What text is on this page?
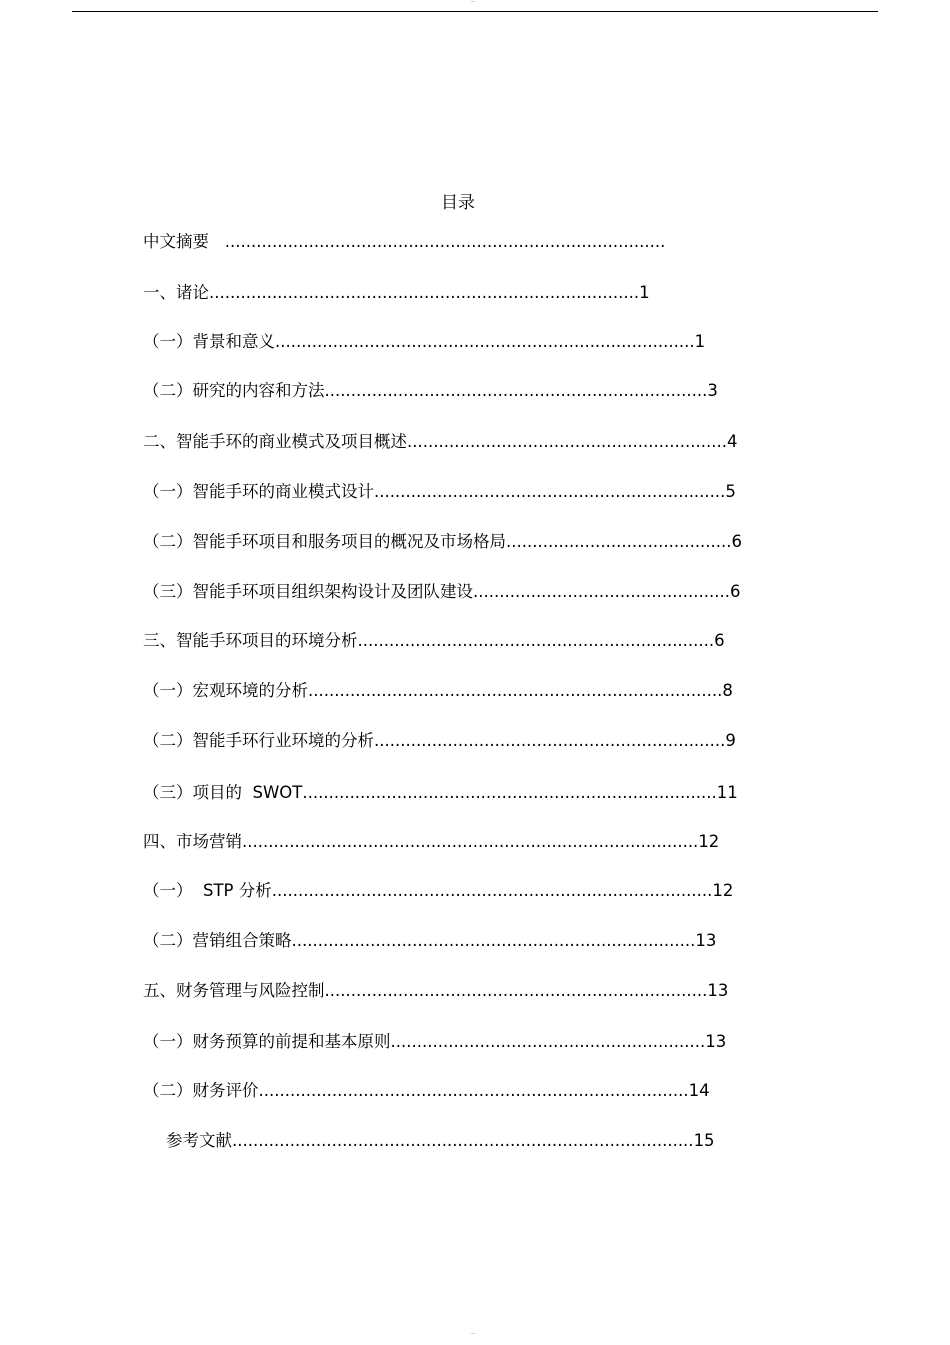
--
--
目录
中文摘要 ....................................................................................
一、诸论..................................................................................1
（一）背景和意义................................................................................1
（二）研究的内容和方法.........................................................................3
二、智能手环的商业模式及项目概述.............................................................4
（一）智能手环的商业模式设计...................................................................5
（二）智能手环项目和服务项目的概况及市场格局...........................................6
（三）智能手环项目组织架构设计及团队建设.................................................6
三、智能手环项目的环境分析....................................................................6
（一）宏观环境的分析...............................................................................8
（二）智能手环行业环境的分析...................................................................9
（三）项目的  SWOT...............................................................................11
四、市场营销.......................................................................................12
（一）  STP 分析....................................................................................12
（二）营销组合策略.............................................................................13
五、财务管理与风险控制.........................................................................13
（一）财务预算的前提和基本原则............................................................13
（二）财务评价..................................................................................14
参考文献........................................................................................15
